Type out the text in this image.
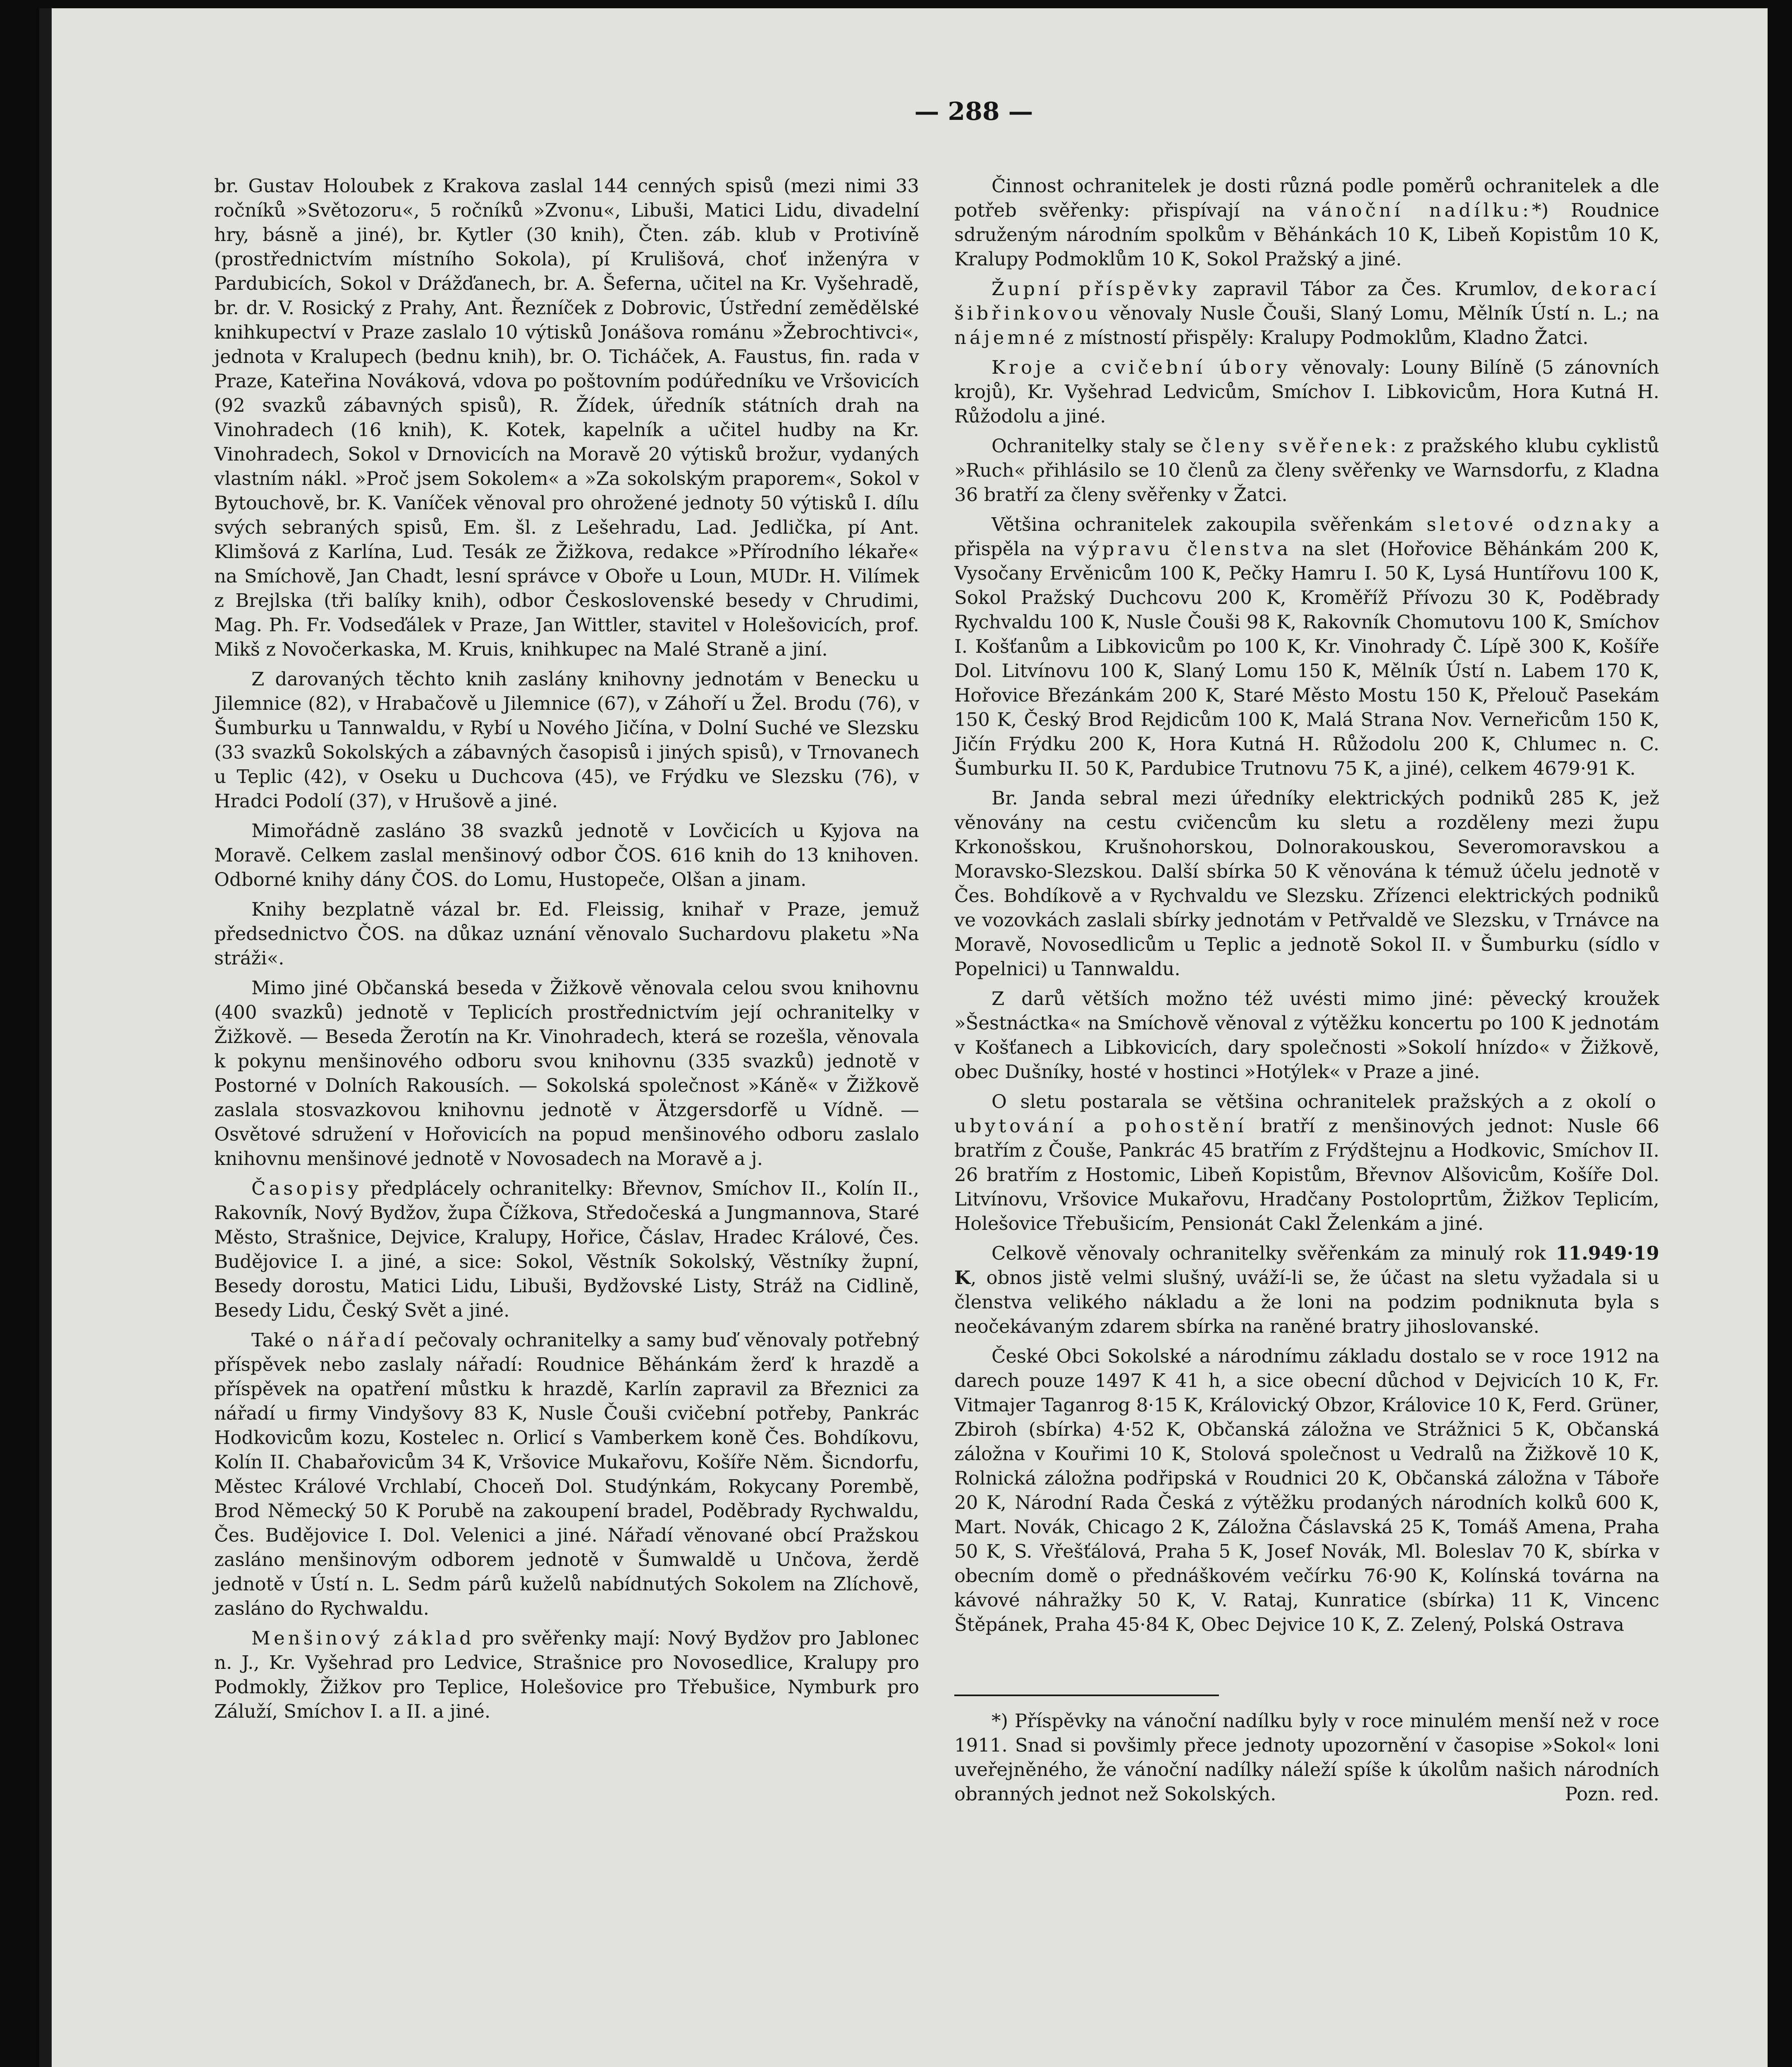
— 288 —

br. Gustav Holoubek z Krakova zaslal 144 cenných spisů (mezi nimi 33 ročníků »Světozoru«, 5 ročníků »Zvonu«, Libuši, Matici Lidu, divadelní hry, básně a jiné), br. Kytler (30 knih), Čten. záb. klub v Protivíně (prostřednictvím místního Sokola), pí Krulišová, choť inženýra v Pardubicích, Sokol v Drážďanech, br. A. Šeferna, učitel na Kr. Vyšehradě, br. dr. V. Rosický z Prahy, Ant. Řezníček z Dobrovic, Ústřední zemědělské knihkupectví v Praze zaslalo 10 výtisků Jonášova románu »Žebrochtivci«, jednota v Kralupech (bednu knih), br. O. Ticháček, A. Faustus, fin. rada v Praze, Kateřina Nováková, vdova po poštovním podúředníku ve Vršovicích (92 svazků zábavných spisů), R. Žídek, úředník státních drah na Vinohradech (16 knih), K. Kotek, kapelník a učitel hudby na Kr. Vinohradech, Sokol v Drnovicích na Moravě 20 výtisků brožur, vydaných vlastním nákl. »Proč jsem Sokolem« a »Za sokolským praporem«, Sokol v Bytouchově, br. K. Vaníček věnoval pro ohrožené jednoty 50 výtisků I. dílu svých sebraných spisů, Em. šl. z Lešehradu, Lad. Jedlička, pí Ant. Klimšová z Karlína, Lud. Tesák ze Žižkova, redakce »Přírodního lékaře« na Smíchově, Jan Chadt, lesní správce v Oboře u Loun, MUDr. H. Vilímek z Brejlska (tři balíky knih), odbor Československé besedy v Chrudimi, Mag. Ph. Fr. Vodseďálek v Praze, Jan Wittler, stavitel v Holešovicích, prof. Mikš z Novočerkaska, M. Kruis, knihkupec na Malé Straně a jiní.

Z darovaných těchto knih zaslány knihovny jednotám v Benecku u Jilemnice (82), v Hrabačově u Jilemnice (67), v Záhoří u Žel. Brodu (76), v Šumburku u Tannwaldu, v Rybí u Nového Jičína, v Dolní Suché ve Slezsku (33 svazků Sokolských a zábavných časopisů i jiných spisů), v Trnovanech u Teplic (42), v Oseku u Duchcova (45), ve Frýdku ve Slezsku (76), v Hradci Podolí (37), v Hrušově a jiné.

Mimořádně zasláno 38 svazků jednotě v Lovčicích u Kyjova na Moravě. Celkem zaslal menšinový odbor ČOS. 616 knih do 13 knihoven. Odborné knihy dány ČOS. do Lomu, Hustopeče, Olšan a jinam.

Knihy bezplatně vázal br. Ed. Fleissig, knihař v Praze, jemuž předsednictvo ČOS. na důkaz uznání věnovalo Suchardovu plaketu »Na stráži«.

Mimo jiné Občanská beseda v Žižkově věnovala celou svou knihovnu (400 svazků) jednotě v Teplicích prostřednictvím její ochranitelky v Žižkově. — Beseda Žerotín na Kr. Vinohradech, která se rozešla, věnovala k pokynu menšinového odboru svou knihovnu (335 svazků) jednotě v Postorné v Dolních Rakousích. — Sokolská společnost »Káně« v Žižkově zaslala stosvazkovou knihovnu jednotě v Ätzgersdorfě u Vídně. — Osvětové sdružení v Hořovicích na popud menšinového odboru zaslalo knihovnu menšinové jednotě v Novosadech na Moravě a j.

Časopisy předplácely ochranitelky: Břevnov, Smíchov II., Kolín II., Rakovník, Nový Bydžov, župa Čížkova, Středočeská a Jungmannova, Staré Město, Strašnice, Dejvice, Kralupy, Hořice, Čáslav, Hradec Králové, Čes. Budějovice I. a jiné, a sice: Sokol, Věstník Sokolský, Věstníky župní, Besedy dorostu, Matici Lidu, Libuši, Bydžovské Listy, Stráž na Cidlině, Besedy Lidu, Český Svět a jiné.

Také o nářadí pečovaly ochranitelky a samy buď věnovaly potřebný příspěvek nebo zaslaly nářadí: Roudnice Běhánkám žerď k hrazdě a příspěvek na opatření můstku k hrazdě, Karlín zapravil za Březnici za nářadí u firmy Vindyšovy 83 K, Nusle Čouši cvičební potřeby, Pankrác Hodkovicům kozu, Kostelec n. Orlicí s Vamberkem koně Čes. Bohdíkovu, Kolín II. Chabařovicům 34 K, Vršovice Mukařovu, Košíře Něm. Šicndorfu, Městec Králové Vrchlabí, Choceň Dol. Studýnkám, Rokycany Porembě, Brod Německý 50 K Porubě na zakoupení bradel, Poděbrady Rychwaldu, Čes. Budějovice I. Dol. Velenici a jiné. Nářadí věnované obcí Pražskou zasláno menšinovým odborem jednotě v Šumwaldě u Unčova, žerdě jednotě v Ústí n. L. Sedm párů kuželů nabídnutých Sokolem na Zlíchově, zasláno do Rychwaldu.

Menšinový základ pro svěřenky mají: Nový Bydžov pro Jablonec n. J., Kr. Vyšehrad pro Ledvice, Strašnice pro Novosedlice, Kralupy pro Podmokly, Žižkov pro Teplice, Holešovice pro Třebušice, Nymburk pro Záluží, Smíchov I. a II. a jiné.

Činnost ochranitelek je dosti různá podle poměrů ochranitelek a dle potřeb svěřenky: přispívají na vánoční nadílku:*) Roudnice sdruženým národním spolkům v Běhánkách 10 K, Libeň Kopistům 10 K, Kralupy Podmoklům 10 K, Sokol Pražský a jiné.

Župní příspěvky zapravil Tábor za Čes. Krumlov, dekorací šibřinkovou věnovaly Nusle Čouši, Slaný Lomu, Mělník Ústí n. L.; na nájemné z místností přispěly: Kralupy Podmoklům, Kladno Žatci.

Kroje a cvičební úbory věnovaly: Louny Bilíně (5 zánovních krojů), Kr. Vyšehrad Ledvicům, Smíchov I. Libkovicům, Hora Kutná H. Růžodolu a jiné.

Ochranitelky staly se členy svěřenek: z pražského klubu cyklistů »Ruch« přihlásilo se 10 členů za členy svěřenky ve Warnsdorfu, z Kladna 36 bratří za členy svěřenky v Žatci.

Většina ochranitelek zakoupila svěřenkám sletové odznaky a přispěla na výpravu členstva na slet (Hořovice Běhánkám 200 K, Vysočany Ervěnicům 100 K, Pečky Hamru I. 50 K, Lysá Huntířovu 100 K, Sokol Pražský Duchcovu 200 K, Kroměříž Přívozu 30 K, Poděbrady Rychvaldu 100 K, Nusle Čouši 98 K, Rakovník Chomutovu 100 K, Smíchov I. Košťanům a Libkovicům po 100 K, Kr. Vinohrady Č. Lípě 300 K, Košíře Dol. Litvínovu 100 K, Slaný Lomu 150 K, Mělník Ústí n. Labem 170 K, Hořovice Březánkám 200 K, Staré Město Mostu 150 K, Přelouč Pasekám 150 K, Český Brod Rejdicům 100 K, Malá Strana Nov. Verneřicům 150 K, Jičín Frýdku 200 K, Hora Kutná H. Růžodolu 200 K, Chlumec n. C. Šumburku II. 50 K, Pardubice Trutnovu 75 K, a jiné), celkem 4679·91 K.

Br. Janda sebral mezi úředníky elektrických podniků 285 K, jež věnovány na cestu cvičencům ku sletu a rozděleny mezi župu Krkonošskou, Krušnohorskou, Dolnorakouskou, Severomoravskou a Moravsko-Slezskou. Další sbírka 50 K věnována k témuž účelu jednotě v Čes. Bohdíkově a v Rychvaldu ve Slezsku. Zřízenci elektrických podniků ve vozovkách zaslali sbírky jednotám v Petřvaldě ve Slezsku, v Trnávce na Moravě, Novosedlicům u Teplic a jednotě Sokol II. v Šumburku (sídlo v Popelnici) u Tannwaldu.

Z darů větších možno též uvésti mimo jiné: pěvecký kroužek »Šestnáctka« na Smíchově věnoval z výtěžku koncertu po 100 K jednotám v Košťanech a Libkovicích, dary společnosti »Sokolí hnízdo« v Žižkově, obec Dušníky, hosté v hostinci »Hotýlek« v Praze a jiné.

O sletu postarala se většina ochranitelek pražských a z okolí o ubytování a pohostění bratří z menšinových jednot: Nusle 66 bratřím z Čouše, Pankrác 45 bratřím z Frýdštejnu a Hodkovic, Smíchov II. 26 bratřím z Hostomic, Libeň Kopistům, Břevnov Alšovicům, Košíře Dol. Litvínovu, Vršovice Mukařovu, Hradčany Postoloprtům, Žižkov Teplicím, Holešovice Třebušicím, Pensionát Cakl Želenkám a jiné.

Celkově věnovaly ochranitelky svěřenkám za minulý rok 11.949·19 K, obnos jistě velmi slušný, uváží-li se, že účast na sletu vyžadala si u členstva velikého nákladu a že loni na podzim podniknuta byla s neočekávaným zdarem sbírka na raněné bratry jihoslovanské.

České Obci Sokolské a národnímu základu dostalo se v roce 1912 na darech pouze 1497 K 41 h, a sice obecní důchod v Dejvicích 10 K, Fr. Vitmajer Taganrog 8·15 K, Královický Obzor, Královice 10 K, Ferd. Grüner, Zbiroh (sbírka) 4·52 K, Občanská záložna ve Strážnici 5 K, Občanská záložna v Kouřimi 10 K, Stolová společnost u Vedralů na Žižkově 10 K, Rolnická záložna podřipská v Roudnici 20 K, Občanská záložna v Táboře 20 K, Národní Rada Česká z výtěžku prodaných národních kolků 600 K, Mart. Novák, Chicago 2 K, Záložna Čáslavská 25 K, Tomáš Amena, Praha 50 K, S. Vřešťálová, Praha 5 K, Josef Novák, Ml. Boleslav 70 K, sbírka v obecním domě o přednáškovém večírku 76·90 K, Kolínská továrna na kávové náhražky 50 K, V. Rataj, Kunratice (sbírka) 11 K, Vincenc Štěpánek, Praha 45·84 K, Obec Dejvice 10 K, Z. Zelený, Polská Ostrava

*) Příspěvky na vánoční nadílku byly v roce minulém menší než v roce 1911. Snad si povšimly přece jednoty upozornění v časopise »Sokol« loni uveřejněného, že vánoční nadílky náleží spíše k úkolům našich národních obranných jednot než Sokolských.	Pozn. red.
